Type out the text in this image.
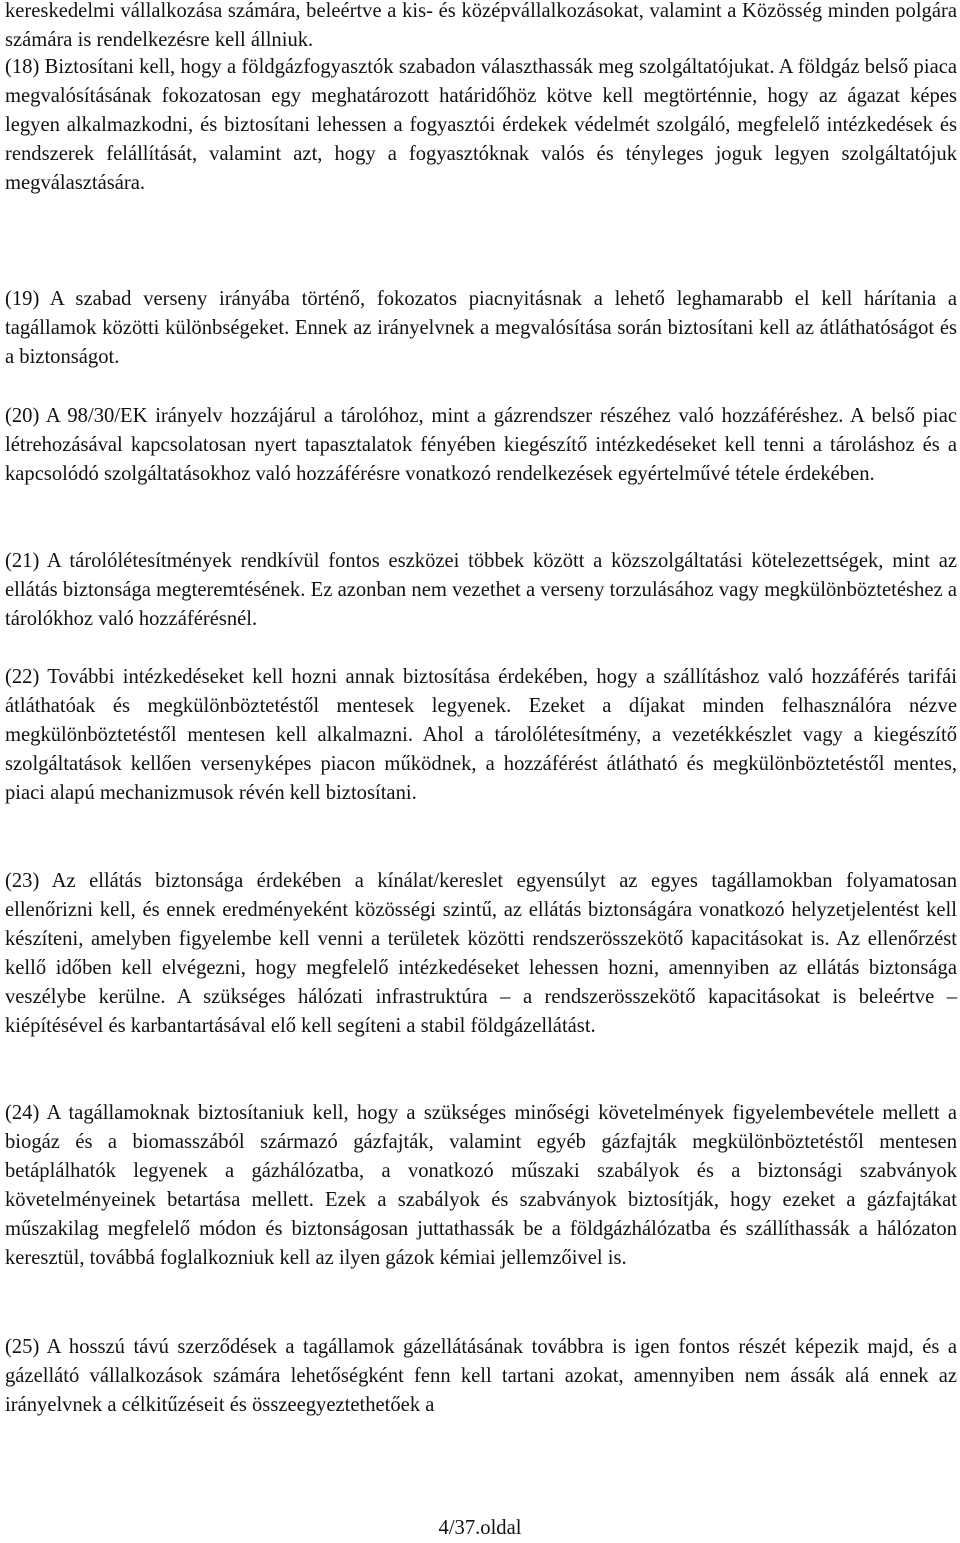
kereskedelmi vállalkozása számára, beleértve a kis- és középvállalkozásokat, valamint a Közösség minden polgára számára is rendelkezésre kell állniuk.

(18) Biztosítani kell, hogy a földgázfogyasztók szabadon választhassák meg szolgáltatójukat. A földgáz belső piaca megvalósításának fokozatosan egy meghatározott határidőhöz kötve kell megtörténnie, hogy az ágazat képes legyen alkalmazkodni, és biztosítani lehessen a fogyasztói érdekek védelmét szolgáló, megfelelő intézkedések és rendszerek felállítását, valamint azt, hogy a fogyasztóknak valós és tényleges joguk legyen szolgáltatójuk megválasztására.

(19) A szabad verseny irányába történő, fokozatos piacnyitásnak a lehető leghamarabb el kell hárítania a tagállamok közötti különbségeket. Ennek az irányelvnek a megvalósítása során biztosítani kell az átláthatóságot és a biztonságot.

(20) A 98/30/EK irányelv hozzájárul a tárolóhoz, mint a gázrendszer részéhez való hozzáféréshez. A belső piac létrehozásával kapcsolatosan nyert tapasztalatok fényében kiegészítő intézkedéseket kell tenni a tároláshoz és a kapcsolódó szolgáltatásokhoz való hozzáférésre vonatkozó rendelkezések egyértelművé tétele érdekében.

(21) A tárolólétesítmények rendkívül fontos eszközei többek között a közszolgáltatási kötelezettségek, mint az ellátás biztonsága megteremtésének. Ez azonban nem vezethet a verseny torzulásához vagy megkülönböztetéshez a tárolókhoz való hozzáférésnél.

(22) További intézkedéseket kell hozni annak biztosítása érdekében, hogy a szállításhoz való hozzáférés tarifái átláthatóak és megkülönböztetéstől mentesek legyenek. Ezeket a díjakat minden felhasználóra nézve megkülönböztetéstől mentesen kell alkalmazni. Ahol a tárolólétesítmény, a vezetékkészlet vagy a kiegészítő szolgáltatások kellően versenyképes piacon működnek, a hozzáférést átlátható és megkülönböztetéstől mentes, piaci alapú mechanizmusok révén kell biztosítani.

(23) Az ellátás biztonsága érdekében a kínálat/kereslet egyensúlyt az egyes tagállamokban folyamatosan ellenőrizni kell, és ennek eredményeként közösségi szintű, az ellátás biztonságára vonatkozó helyzetjelentést kell készíteni, amelyben figyelembe kell venni a területek közötti rendszerösszekötő kapacitásokat is. Az ellenőrzést kellő időben kell elvégezni, hogy megfelelő intézkedéseket lehessen hozni, amennyiben az ellátás biztonsága veszélybe kerülne. A szükséges hálózati infrastruktúra – a rendszerösszekötő kapacitásokat is beleértve – kiépítésével és karbantartásával elő kell segíteni a stabil földgázellátást.

(24) A tagállamoknak biztosítaniuk kell, hogy a szükséges minőségi követelmények figyelembevétele mellett a biogáz és a biomasszából származó gázfajták, valamint egyéb gázfajták megkülönböztetéstől mentesen betáplálhatók legyenek a gázhálózatba, a vonatkozó műszaki szabályok és a biztonsági szabványok követelményeinek betartása mellett. Ezek a szabályok és szabványok biztosítják, hogy ezeket a gázfajtákat műszakilag megfelelő módon és biztonságosan juttathassák be a földgázhálózatba és szállíthassák a hálózaton keresztül, továbbá foglalkozniuk kell az ilyen gázok kémiai jellemzőivel is.

(25) A hosszú távú szerződések a tagállamok gázellátásának továbbra is igen fontos részét képezik majd, és a gázellátó vállalkozások számára lehetőségként fenn kell tartani azokat, amennyiben nem ássák alá ennek az irányelvnek a célkitűzéseit és összeegyeztethetőek a

4/37.oldal
